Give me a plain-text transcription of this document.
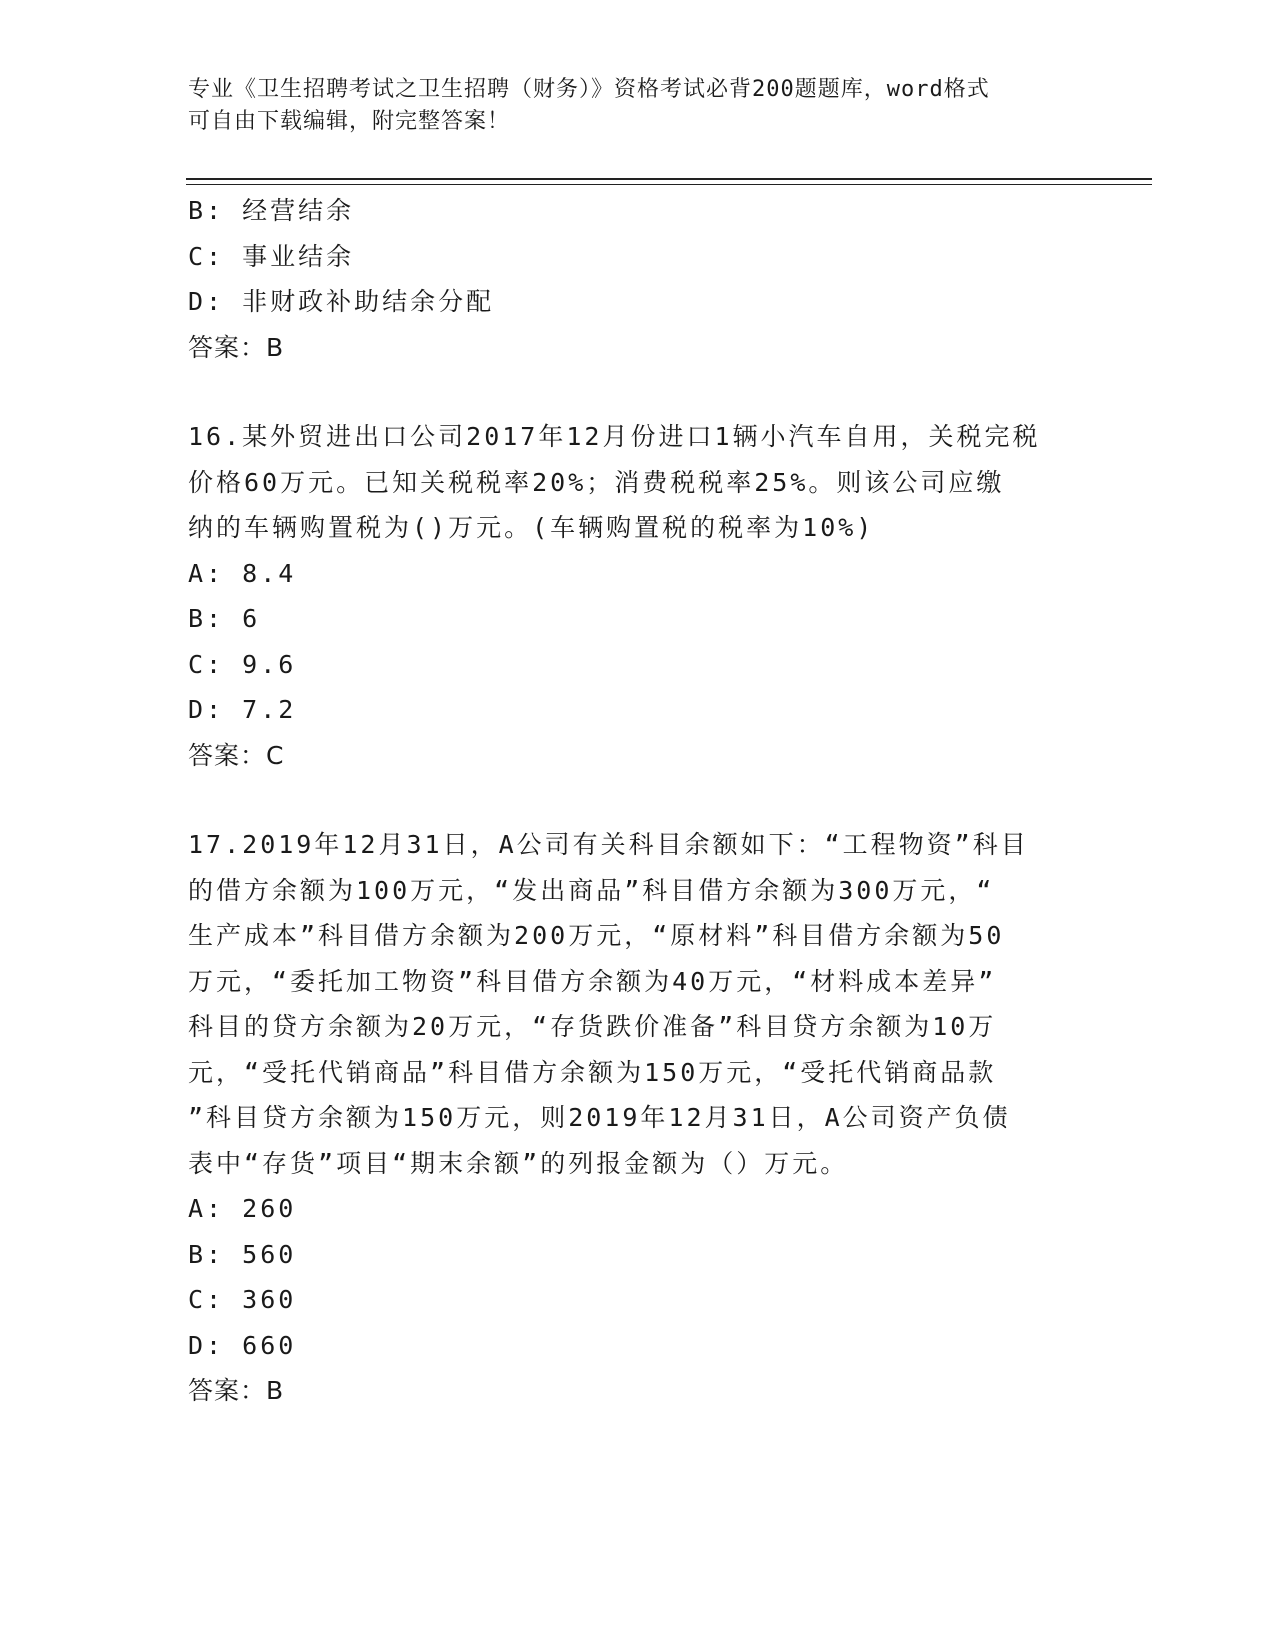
专业《卫生招聘考试之卫生招聘（财务）》资格考试必背200题题库，word格式
可自由下载编辑，附完整答案！
B: 经营结余
C: 事业结余
D: 非财政补助结余分配
答案：B
16.某外贸进出口公司2017年12月份进口1辆小汽车自用，关税完税
价格60万元。已知关税税率20%；消费税税率25%。则该公司应缴
纳的车辆购置税为()万元。(车辆购置税的税率为10%)
A: 8.4
B: 6
C: 9.6
D: 7.2
答案：C
17.2019年12月31日，A公司有关科目余额如下：“工程物资”科目
的借方余额为100万元，“发出商品”科目借方余额为300万元，“
生产成本”科目借方余额为200万元，“原材料”科目借方余额为50
万元，“委托加工物资”科目借方余额为40万元，“材料成本差异”
科目的贷方余额为20万元，“存货跌价准备”科目贷方余额为10万
元，“受托代销商品”科目借方余额为150万元，“受托代销商品款
”科目贷方余额为150万元，则2019年12月31日，A公司资产负债
表中“存货”项目“期末余额”的列报金额为（）万元。
A: 260
B: 560
C: 360
D: 660
答案：B
